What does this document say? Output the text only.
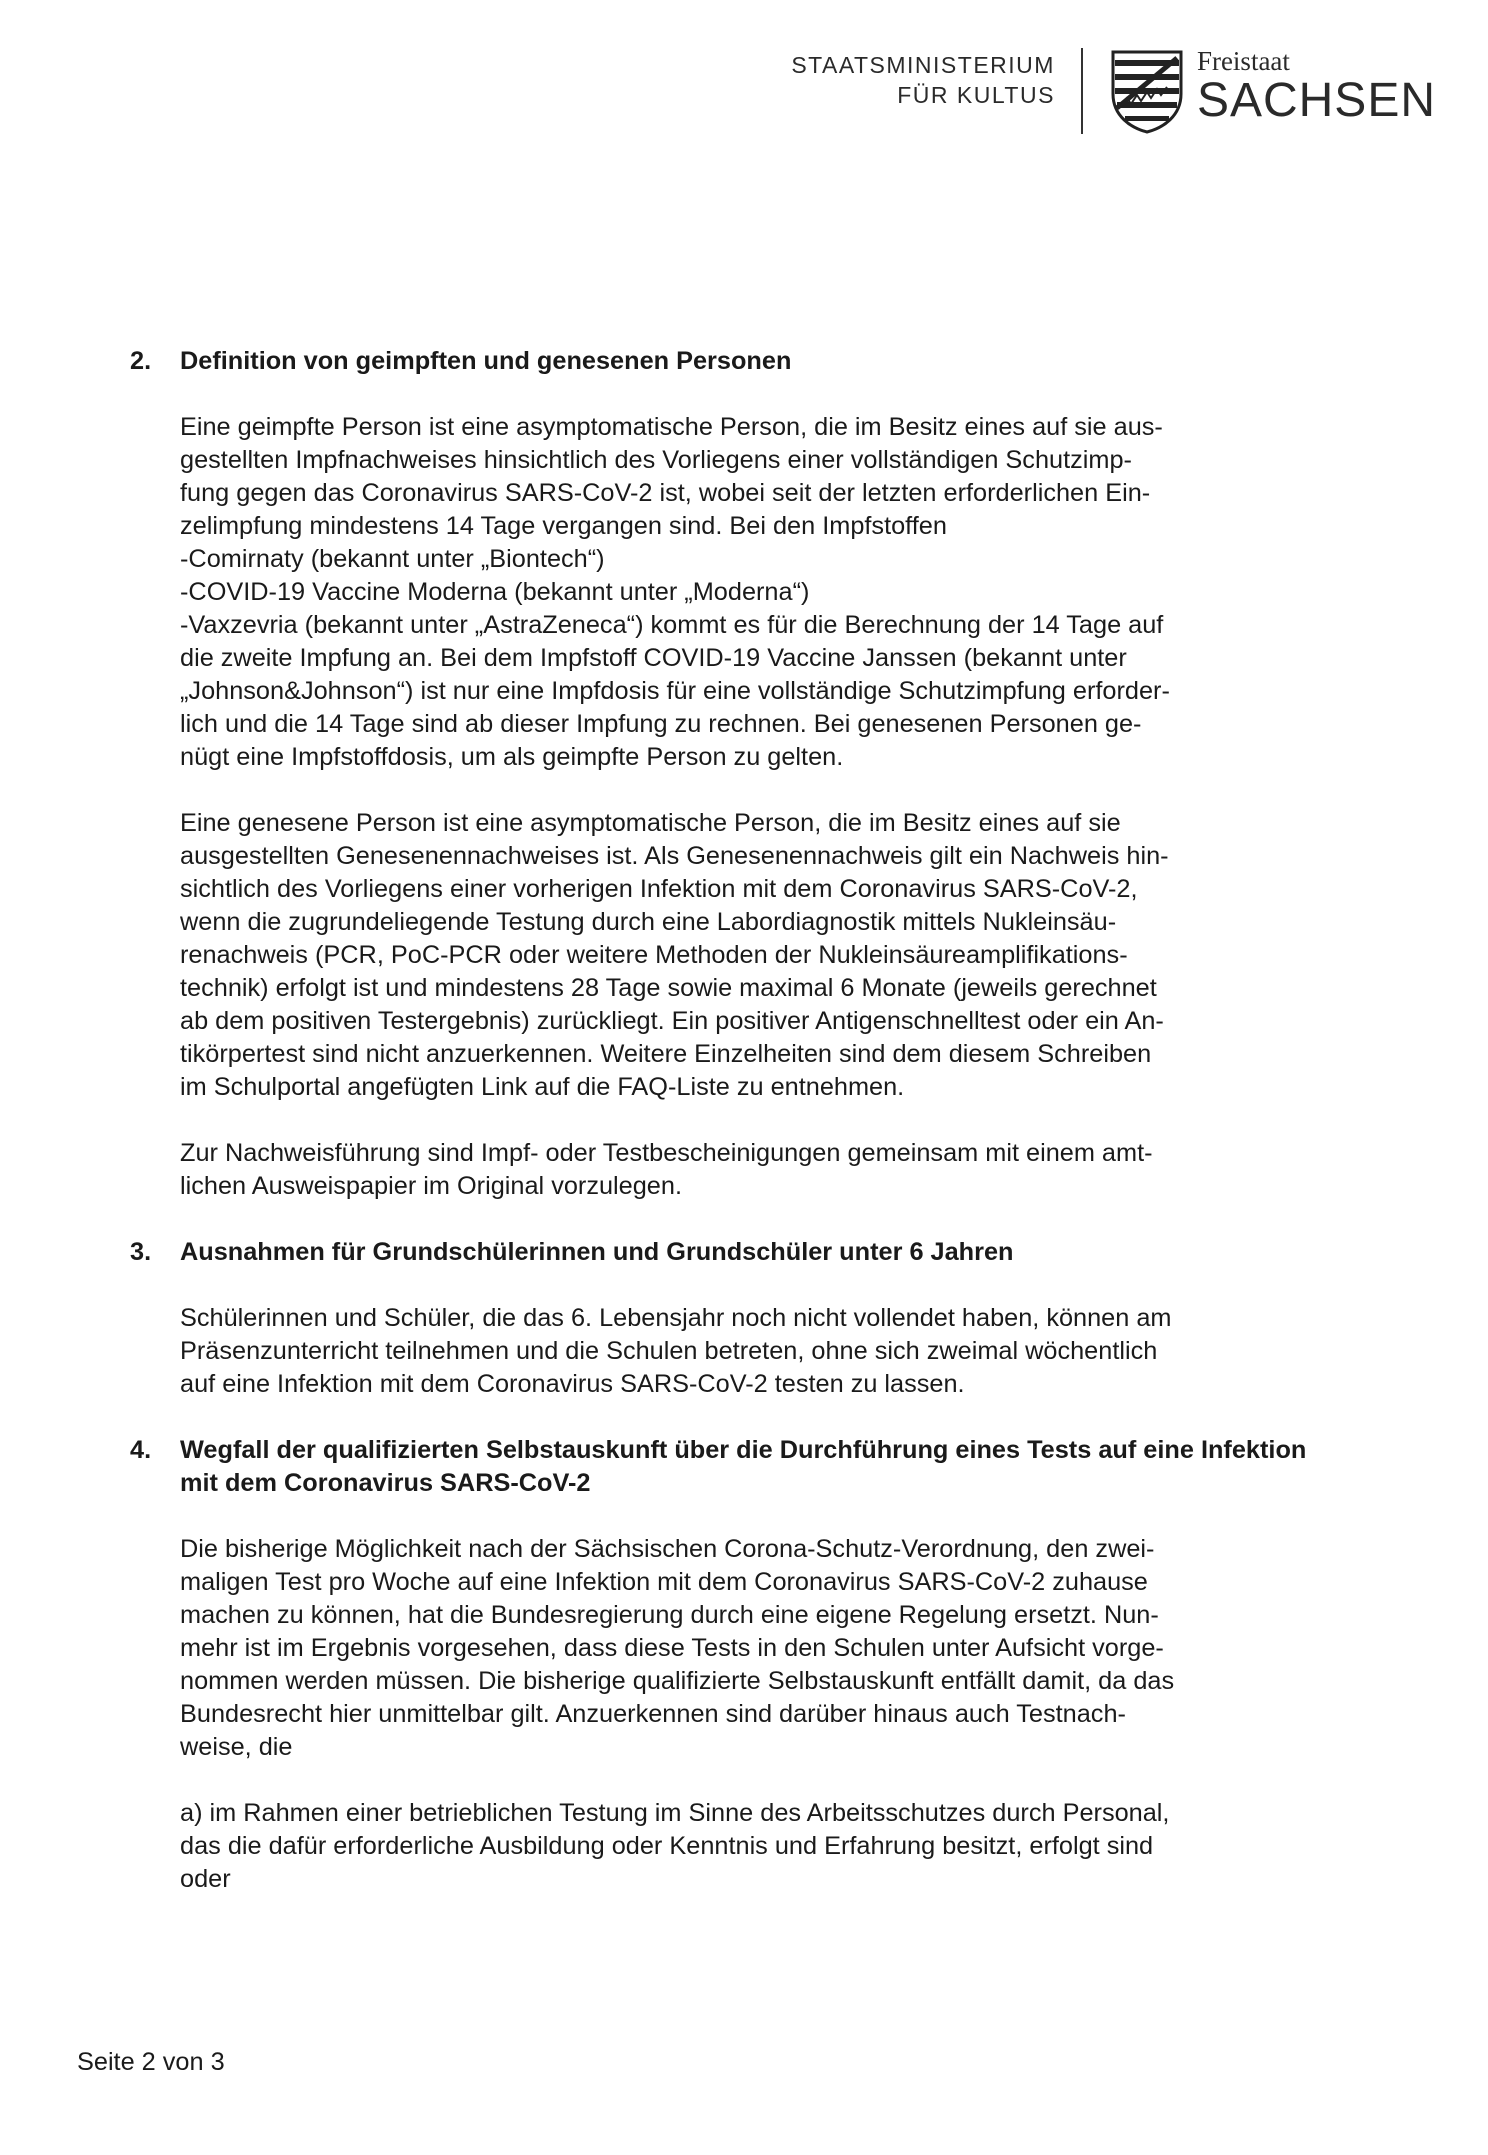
STAATSMINISTERIUM
FÜR KULTUS
Freistaat
SACHSEN
2. Definition von geimpften und genesenen Personen
Eine geimpfte Person ist eine asymptomatische Person, die im Besitz eines auf sie aus-
gestellten Impfnachweises hinsichtlich des Vorliegens einer vollständigen Schutzimp-
fung gegen das Coronavirus SARS-CoV-2 ist, wobei seit der letzten erforderlichen Ein-
zelimpfung mindestens 14 Tage vergangen sind. Bei den Impfstoffen
-Comirnaty (bekannt unter „Biontech“)
-COVID-19 Vaccine Moderna (bekannt unter „Moderna“)
-Vaxzevria (bekannt unter „AstraZeneca“) kommt es für die Berechnung der 14 Tage auf
die zweite Impfung an. Bei dem Impfstoff COVID-19 Vaccine Janssen (bekannt unter
„Johnson&Johnson“) ist nur eine Impfdosis für eine vollständige Schutzimpfung erforder-
lich und die 14 Tage sind ab dieser Impfung zu rechnen. Bei genesenen Personen ge-
nügt eine Impfstoffdosis, um als geimpfte Person zu gelten.
Eine genesene Person ist eine asymptomatische Person, die im Besitz eines auf sie
ausgestellten Genesenennachweises ist. Als Genesenennachweis gilt ein Nachweis hin-
sichtlich des Vorliegens einer vorherigen Infektion mit dem Coronavirus SARS-CoV-2,
wenn die zugrundeliegende Testung durch eine Labordiagnostik mittels Nukleinsäu-
renachweis (PCR, PoC-PCR oder weitere Methoden der Nukleinsäureamplifikations-
technik) erfolgt ist und mindestens 28 Tage sowie maximal 6 Monate (jeweils gerechnet
ab dem positiven Testergebnis) zurückliegt. Ein positiver Antigenschnelltest oder ein An-
tikörpertest sind nicht anzuerkennen. Weitere Einzelheiten sind dem diesem Schreiben
im Schulportal angefügten Link auf die FAQ-Liste zu entnehmen.
Zur Nachweisführung sind Impf- oder Testbescheinigungen gemeinsam mit einem amt-
lichen Ausweispapier im Original vorzulegen.
3. Ausnahmen für Grundschülerinnen und Grundschüler unter 6 Jahren
Schülerinnen und Schüler, die das 6. Lebensjahr noch nicht vollendet haben, können am
Präsenzunterricht teilnehmen und die Schulen betreten, ohne sich zweimal wöchentlich
auf eine Infektion mit dem Coronavirus SARS-CoV-2 testen zu lassen.
4. Wegfall der qualifizierten Selbstauskunft über die Durchführung eines Tests auf eine Infektion mit dem Coronavirus SARS-CoV-2
Die bisherige Möglichkeit nach der Sächsischen Corona-Schutz-Verordnung, den zwei-
maligen Test pro Woche auf eine Infektion mit dem Coronavirus SARS-CoV-2 zuhause
machen zu können, hat die Bundesregierung durch eine eigene Regelung ersetzt. Nun-
mehr ist im Ergebnis vorgesehen, dass diese Tests in den Schulen unter Aufsicht vorge-
nommen werden müssen. Die bisherige qualifizierte Selbstauskunft entfällt damit, da das
Bundesrecht hier unmittelbar gilt. Anzuerkennen sind darüber hinaus auch Testnach-
weise, die
a) im Rahmen einer betrieblichen Testung im Sinne des Arbeitsschutzes durch Personal,
das die dafür erforderliche Ausbildung oder Kenntnis und Erfahrung besitzt, erfolgt sind
oder
Seite 2 von 3
